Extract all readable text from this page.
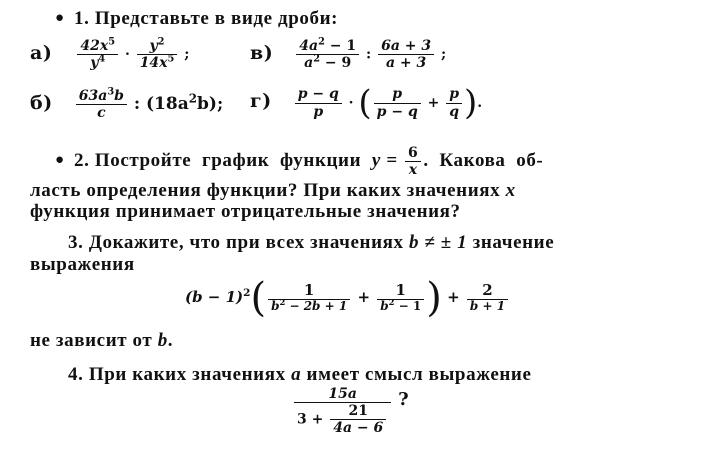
● 1. Представьте в виде дроби:
$а) \frac{42x^5}{y^4} \cdot \frac{y^2}{14x^5}$ ;	$в) \frac{4a^2 - 1}{a^2 - 9}$ : $\frac{6a + 3}{a + 3}$ ;
$б) \frac{63a^3b}{c}$ : $(18a^2b)$; $г) \frac{p - q}{p}$ · ( $\frac{p}{p - q} + \frac{p}{q}$ ).
● 2. Постройте  график  функции  $y = \frac{6}{x}$ .  Какова  об-
ласть определения функции? При каких значениях x
функция принимает отрицательные значения?
3. Докажите, что при всех значениях b ≠ ± 1 значение
выражения
$(b - 1)^2( \frac{1}{b^2 - 2b + 1} + \frac{1}{b^2 - 1}$ ) + $\frac{2}{b + 1}$
не зависит от b.
4. При каких значениях a имеет смысл выражение
$\frac{15a}{3 + \frac{21}{4a - 6}}$ ?
